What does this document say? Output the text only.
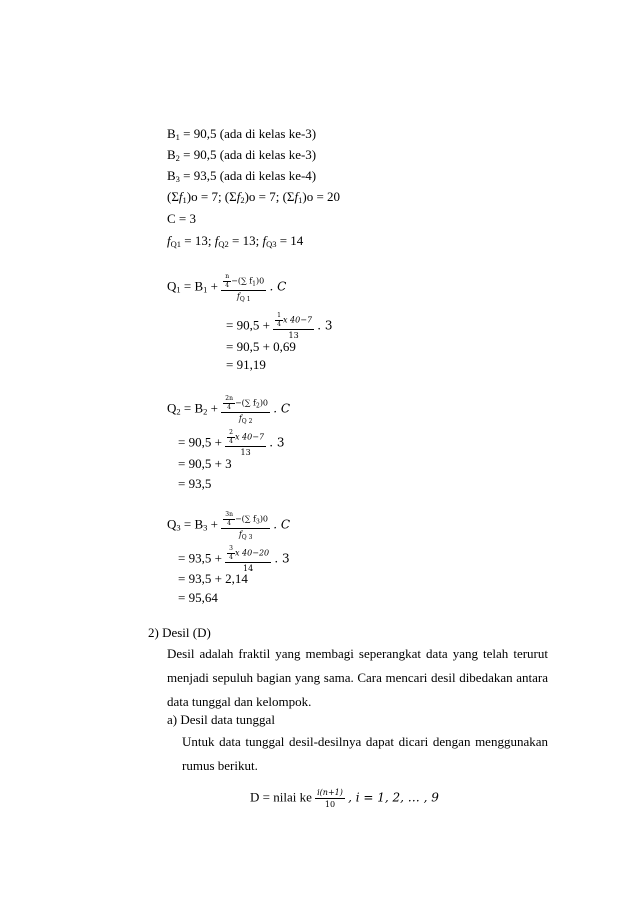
$B_1 = 90,5$ (ada di kelas ke-3)
$B_2 = 90,5$ (ada di kelas ke-3)
$B_3 = 93,5$ (ada di kelas ke-4)
$(\Sigma f_1)o = 7$; $(\Sigma f_2)o = 7$; $(\Sigma f_1)o = 20$
C = 3
$f_{Q1} = 13$; $f_{Q2} = 13$; $f_{Q3} = 14$
$Q_1 = B_1 + \frac{\frac{n}{4} -(\sum f_1)0}{f_{Q 1}}$ . C
= $90,5 + \frac{\frac{1}{4} x 40-7}{13}$ . 3
= 90,5 + 0,69
= 91,19
$Q_2 = B_2 + \frac{\frac{2n}{4} -(\sum f_2)0}{f_{Q 2}}$ . C
= $90,5 + \frac{\frac{2}{4} x 40-7}{13}$ . 3
= 90,5 + 3
= 93,5
$Q_3 = B_3 + \frac{\frac{3n}{4} -(\sum f_3)0}{f_{Q 3}}$ . C
= $93,5 + \frac{\frac{3}{4} x 40-20}{14}$ . 3
= 93,5 + 2,14
= 95,64
2) Desil (D)
Desil adalah fraktil yang membagi seperangkat data yang telah terurut menjadi sepuluh bagian yang sama. Cara mencari desil dibedakan antara data tunggal dan kelompok.
a) Desil data tunggal
Untuk data tunggal desil-desilnya dapat dicari dengan menggunakan rumus berikut.
D = nilai ke $\frac{i(n+1)}{10}$ , i = 1, 2, … , 9
